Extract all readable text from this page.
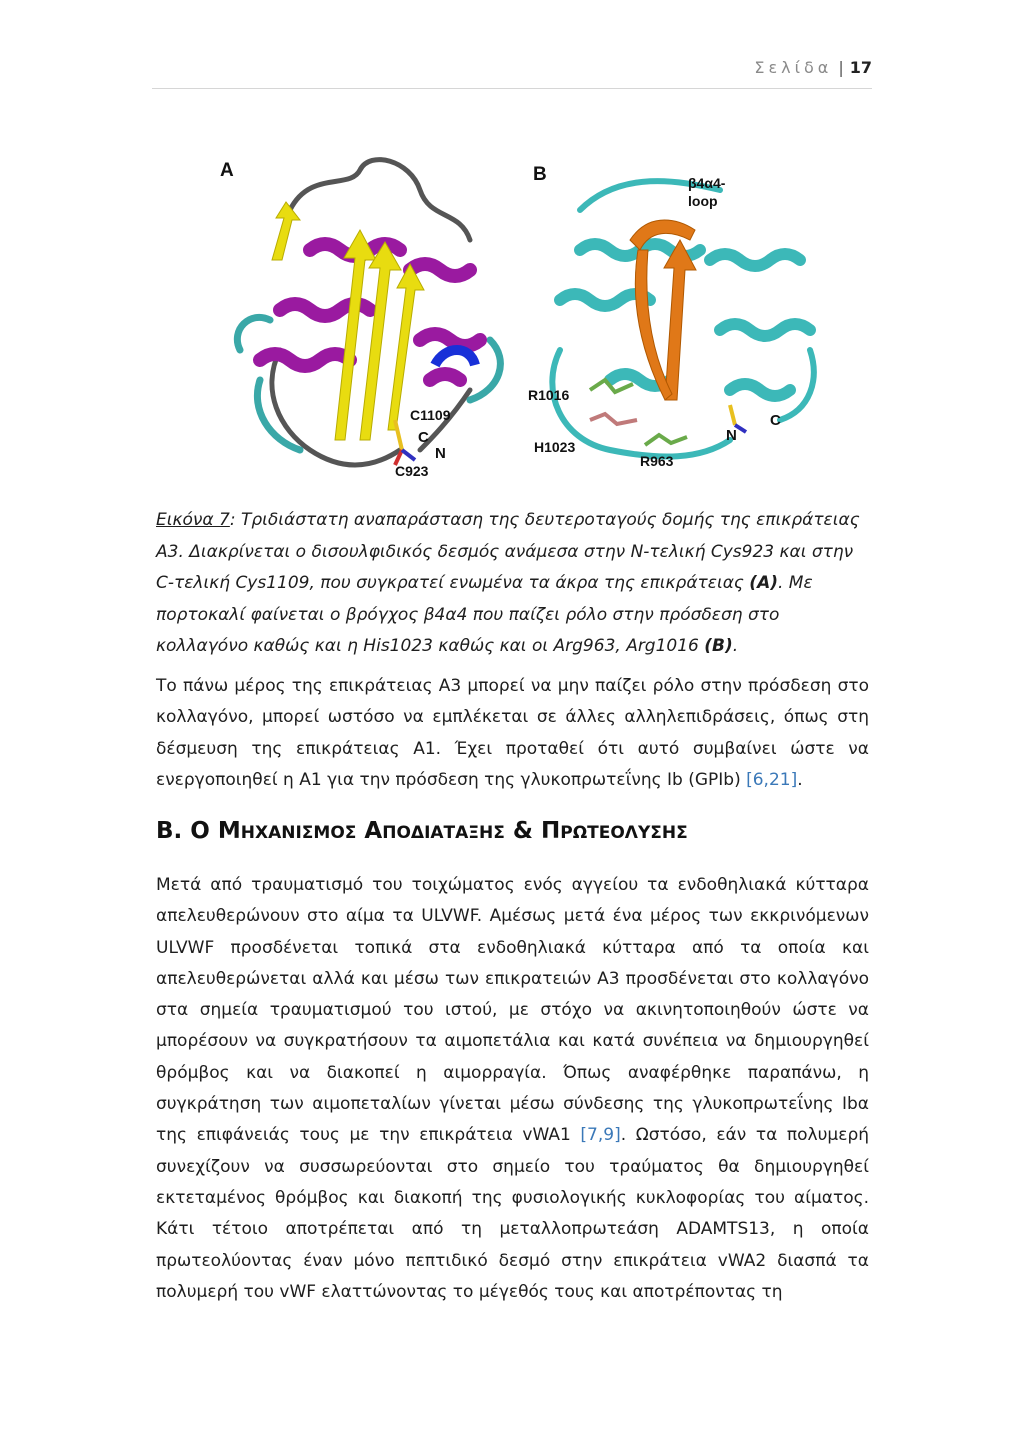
Σελίδα | 17
A
C1109
C
N
C923
B	β4α4-
loop
R1016
H1023
R963
N
C
Εικόνα 7: Τριδιάστατη αναπαράσταση της δευτεροταγούς δομής της επικράτειας A3. Διακρίνεται ο δισουλφιδικός δεσμός ανάμεσα στην N-τελική Cys923 και στην C-τελική Cys1109, που συγκρατεί ενωμένα τα άκρα της επικράτειας (A). Με πορτοκαλί φαίνεται ο βρόγχος β4α4 που παίζει ρόλο στην πρόσδεση στο κολλαγόνο καθώς και η His1023 καθώς και οι Arg963, Arg1016 (B).
Το πάνω μέρος της επικράτειας A3 μπορεί να μην παίζει ρόλο στην πρόσδεση στο κολλαγόνο, μπορεί ωστόσο να εμπλέκεται σε άλλες αλληλεπιδράσεις, όπως στη δέσμευση της επικράτειας A1. Έχει προταθεί ότι αυτό συμβαίνει ώστε να ενεργοποιηθεί η A1 για την πρόσδεση της γλυκοπρωτεΐνης Ib (GPIb) [6,21].
B. Ο ΜΗΧΑΝΙΣΜΟΣ ΑΠΟΔΙΑΤΑΞΗΣ & ΠΡΩΤΕΟΛΥΣΗΣ
Μετά από τραυματισμό του τοιχώματος ενός αγγείου τα ενδοθηλιακά κύτταρα απελευθερώνουν στο αίμα τα ULVWF. Αμέσως μετά ένα μέρος των εκκρινόμενων ULVWF προσδένεται τοπικά στα ενδοθηλιακά κύτταρα από τα οποία και απελευθερώνεται αλλά και μέσω των επικρατειών A3 προσδένεται στο κολλαγόνο στα σημεία τραυματισμού του ιστού, με στόχο να ακινητοποιηθούν ώστε να μπορέσουν να συγκρατήσουν τα αιμοπετάλια και κατά συνέπεια να δημιουργηθεί θρόμβος και να διακοπεί η αιμορραγία. Όπως αναφέρθηκε παραπάνω, η συγκράτηση των αιμοπεταλίων γίνεται μέσω σύνδεσης της γλυκοπρωτεΐνης Ibα της επιφάνειάς τους με την επικράτεια vWA1 [7,9]. Ωστόσο, εάν τα πολυμερή συνεχίζουν να συσσωρεύονται στο σημείο του τραύματος θα δημιουργηθεί εκτεταμένος θρόμβος και διακοπή της φυσιολογικής κυκλοφορίας του αίματος. Κάτι τέτοιο αποτρέπεται από τη μεταλλοπρωτεάση ADAMTS13, η οποία πρωτεολύοντας έναν μόνο πεπτιδικό δεσμό στην επικράτεια vWA2 διασπά τα πολυμερή του vWF ελαττώνοντας το μέγεθός τους και αποτρέποντας τη
